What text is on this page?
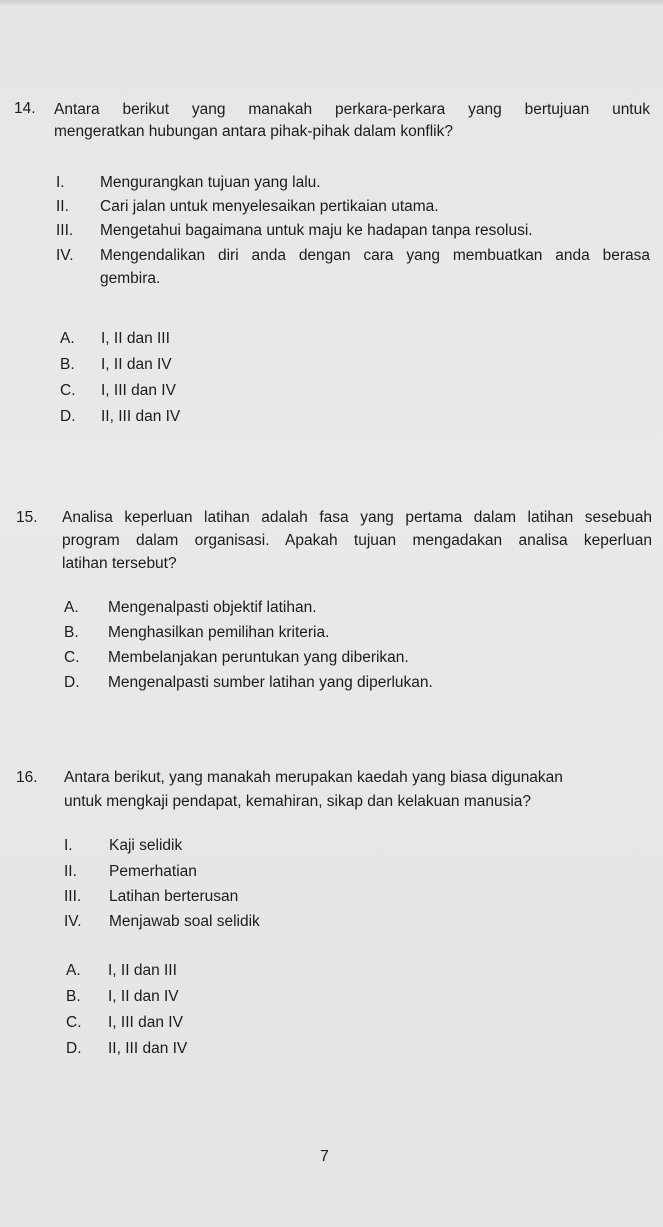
14. Antara berikut yang manakah perkara-perkara yang bertujuan untuk
mengeratkan hubungan antara pihak-pihak dalam konflik?
I. Mengurangkan tujuan yang lalu.
II. Cari jalan untuk menyelesaikan pertikaian utama.
III. Mengetahui bagaimana untuk maju ke hadapan tanpa resolusi.
IV. Mengendalikan diri anda dengan cara yang membuatkan anda berasa
gembira.
A. I, II dan III
B. I, II dan IV
C. I, III dan IV
D. II, III dan IV
15. Analisa keperluan latihan adalah fasa yang pertama dalam latihan sesebuah
program dalam organisasi. Apakah tujuan mengadakan analisa keperluan
latihan tersebut?
A. Mengenalpasti objektif latihan.
B. Menghasilkan pemilihan kriteria.
C. Membelanjakan peruntukan yang diberikan.
D. Mengenalpasti sumber latihan yang diperlukan.
16. Antara berikut, yang manakah merupakan kaedah yang biasa digunakan
untuk mengkaji pendapat, kemahiran, sikap dan kelakuan manusia?
I. Kaji selidik
II. Pemerhatian
III. Latihan berterusan
IV. Menjawab soal selidik
A. I, II dan III
B. I, II dan IV
C. I, III dan IV
D. II, III dan IV
7
